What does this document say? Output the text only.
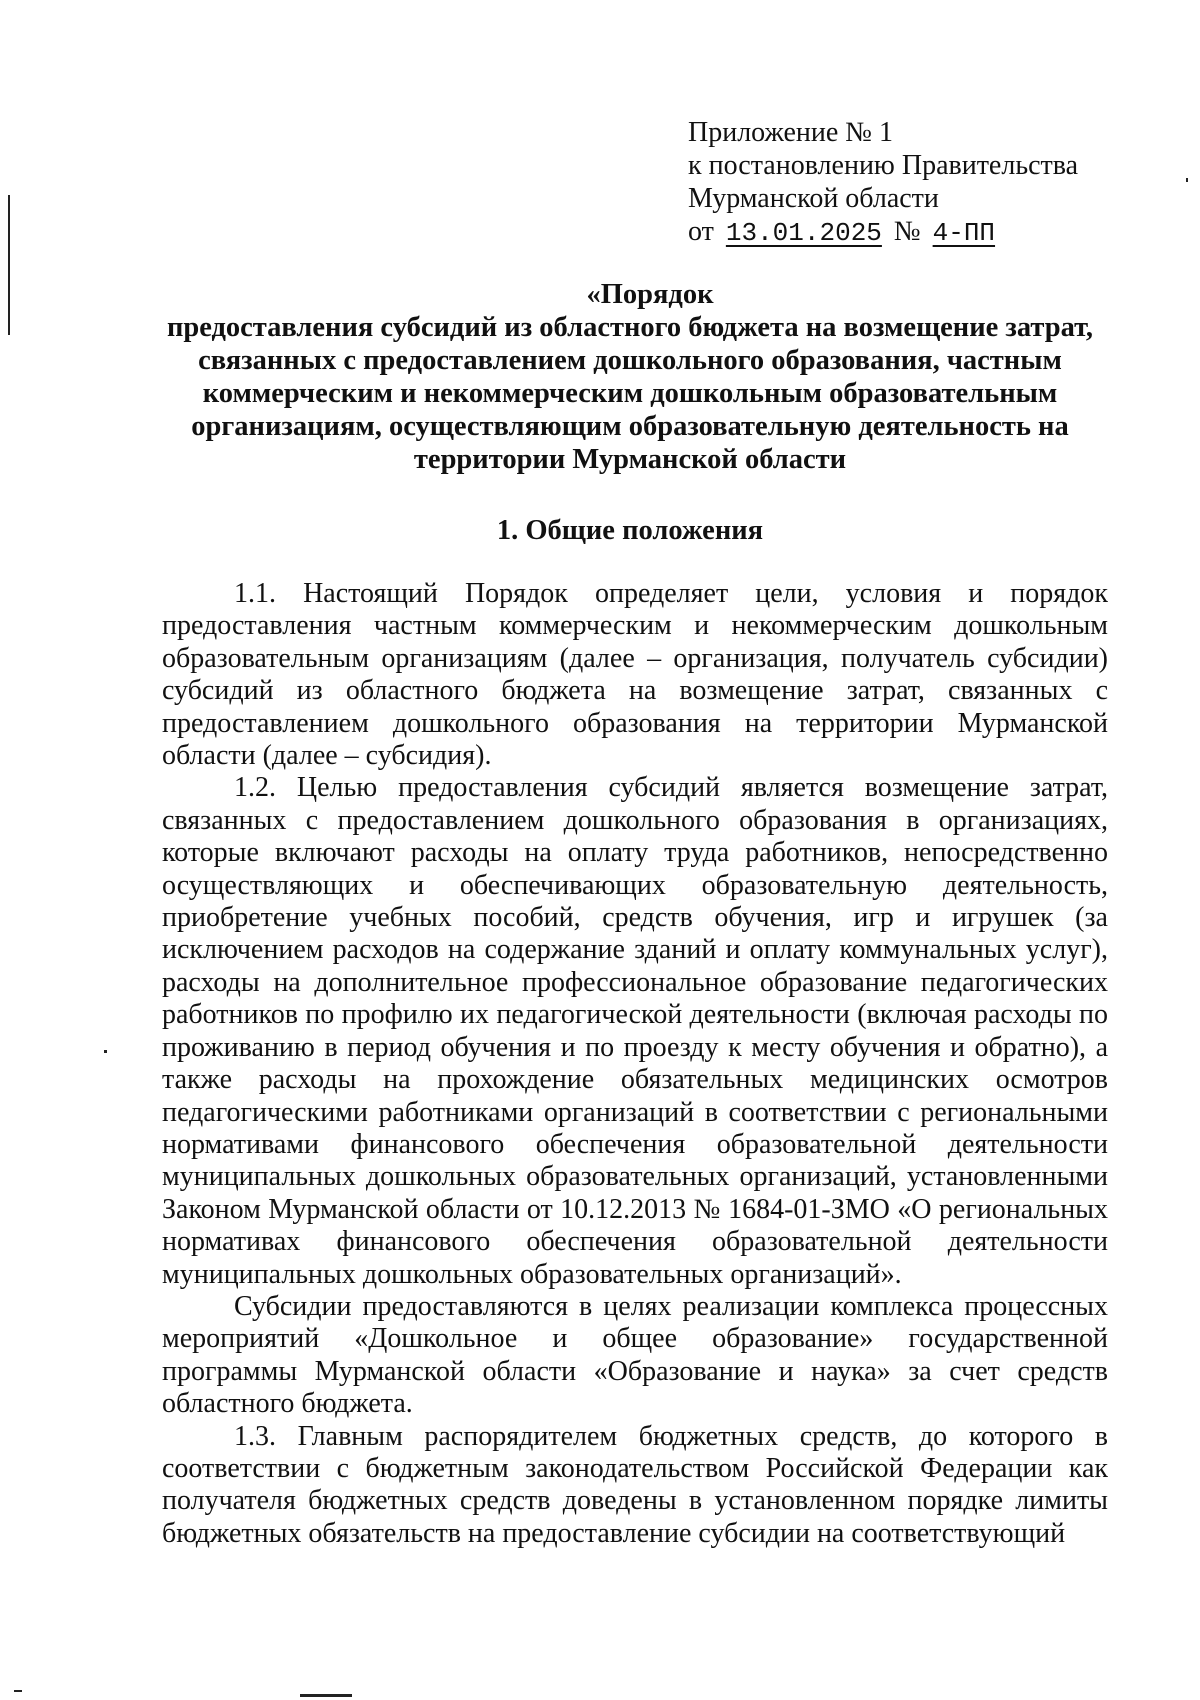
Приложение № 1
к постановлению Правительства
Мурманской области
от 13.01.2025 № 4-ПП
«Порядок
предоставления субсидий из областного бюджета на возмещение затрат, связанных с предоставлением дошкольного образования, частным коммерческим и некоммерческим дошкольным образовательным организациям, осуществляющим образовательную деятельность на территории Мурманской области
1. Общие положения

1.1. Настоящий Порядок определяет цели, условия и порядок предоставления частным коммерческим и некоммерческим дошкольным образовательным организациям (далее – организация, получатель субсидии) субсидий из областного бюджета на возмещение затрат, связанных с предоставлением дошкольного образования на территории Мурманской области (далее – субсидия).

1.2. Целью предоставления субсидий является возмещение затрат, связанных с предоставлением дошкольного образования в организациях, которые включают расходы на оплату труда работников, непосредственно осуществляющих и обеспечивающих образовательную деятельность, приобретение учебных пособий, средств обучения, игр и игрушек (за исключением расходов на содержание зданий и оплату коммунальных услуг), расходы на дополнительное профессиональное образование педагогических работников по профилю их педагогической деятельности (включая расходы по проживанию в период обучения и по проезду к месту обучения и обратно), а также расходы на прохождение обязательных медицинских осмотров педагогическими работниками организаций в соответствии с региональными нормативами финансового обеспечения образовательной деятельности муниципальных дошкольных образовательных организаций, установленными Законом Мурманской области от 10.12.2013 № 1684-01-ЗМО «О региональных нормативах финансового обеспечения образовательной деятельности муниципальных дошкольных образовательных организаций».

Субсидии предоставляются в целях реализации комплекса процессных мероприятий «Дошкольное и общее образование» государственной программы Мурманской области «Образование и наука» за счет средств областного бюджета.

1.3. Главным распорядителем бюджетных средств, до которого в соответствии с бюджетным законодательством Российской Федерации как получателя бюджетных средств доведены в установленном порядке лимиты бюджетных обязательств на предоставление субсидии на соответствующий
